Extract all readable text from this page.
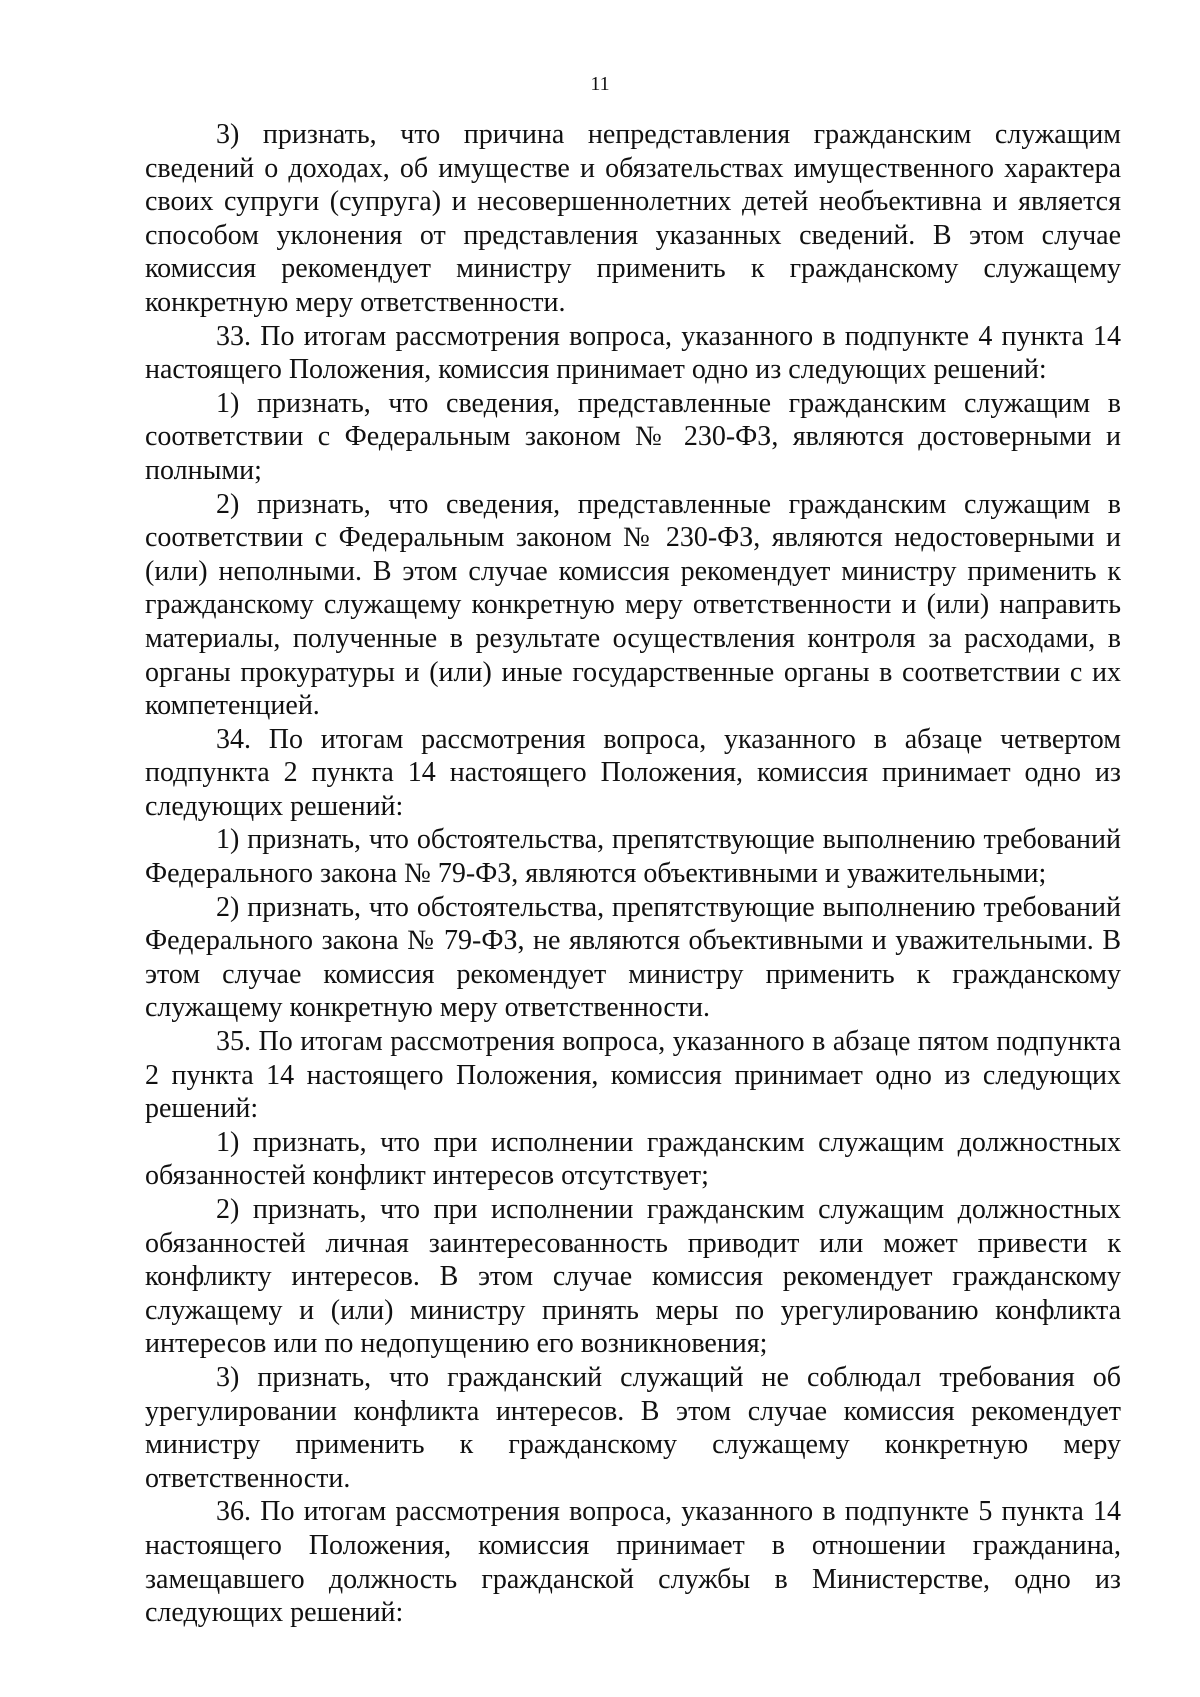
11

3) признать, что причина непредставления гражданским служащим сведений о доходах, об имуществе и обязательствах имущественного характера своих супруги (супруга) и несовершеннолетних детей необъективна и является способом уклонения от представления указанных сведений. В этом случае комиссия рекомендует министру применить к гражданскому служащему конкретную меру ответственности.

33. По итогам рассмотрения вопроса, указанного в подпункте 4 пункта 14 настоящего Положения, комиссия принимает одно из следующих решений:

1) признать, что сведения, представленные гражданским служащим в соответствии с Федеральным законом № 230-ФЗ, являются достоверными и полными;

2) признать, что сведения, представленные гражданским служащим в соответствии с Федеральным законом № 230-ФЗ, являются недостоверными и (или) неполными. В этом случае комиссия рекомендует министру применить к гражданскому служащему конкретную меру ответственности и (или) направить материалы, полученные в результате осуществления контроля за расходами, в органы прокуратуры и (или) иные государственные органы в соответствии с их компетенцией.

34. По итогам рассмотрения вопроса, указанного в абзаце четвертом подпункта 2 пункта 14 настоящего Положения, комиссия принимает одно из следующих решений:

1) признать, что обстоятельства, препятствующие выполнению требований Федерального закона № 79-ФЗ, являются объективными и уважительными;

2) признать, что обстоятельства, препятствующие выполнению требований Федерального закона № 79-ФЗ, не являются объективными и уважительными. В этом случае комиссия рекомендует министру применить к гражданскому служащему конкретную меру ответственности.

35. По итогам рассмотрения вопроса, указанного в абзаце пятом подпункта 2 пункта 14 настоящего Положения, комиссия принимает одно из следующих решений:

1) признать, что при исполнении гражданским служащим должностных обязанностей конфликт интересов отсутствует;

2) признать, что при исполнении гражданским служащим должностных обязанностей личная заинтересованность приводит или может привести к конфликту интересов. В этом случае комиссия рекомендует гражданскому служащему и (или) министру принять меры по урегулированию конфликта интересов или по недопущению его возникновения;

3) признать, что гражданский служащий не соблюдал требования об урегулировании конфликта интересов. В этом случае комиссия рекомендует министру применить к гражданскому служащему конкретную меру ответственности.

36. По итогам рассмотрения вопроса, указанного в подпункте 5 пункта 14 настоящего Положения, комиссия принимает в отношении гражданина, замещавшего должность гражданской службы в Министерстве, одно из следующих решений:
